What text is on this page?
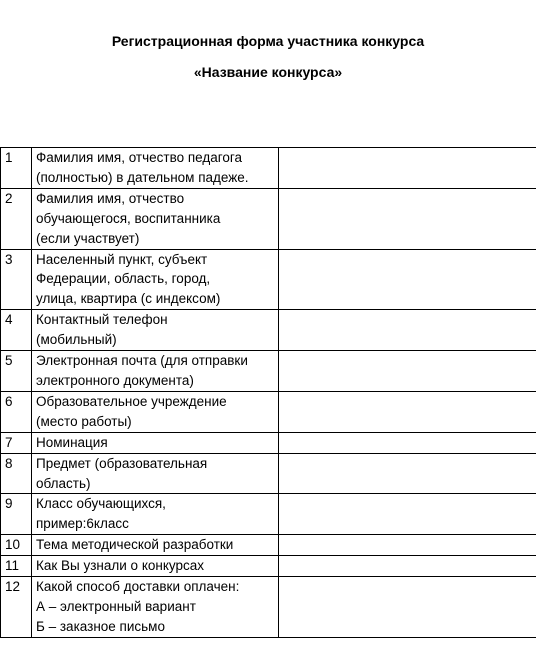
Регистрационная форма участника конкурса
«Название конкурса»
1	Фамилия имя, отчество педагога
(полностью) в дательном падеже.	
2	Фамилия имя, отчество
обучающегося, воспитанника
(если участвует)	
3	Населенный пункт, субъект
Федерации, область, город,
улица, квартира (с индексом)	
4	Контактный телефон
(мобильный)	
5	Электронная почта (для отправки
электронного документа)	
6	Образовательное учреждение
(место работы)	
7	Номинация	
8	Предмет (образовательная
область)	
9	Класс обучающихся,
пример:6класс	
10	Тема методической разработки	
11	Как Вы узнали о конкурсах	
12	Какой способ доставки оплачен:
А – электронный вариант
Б – заказное письмо	
